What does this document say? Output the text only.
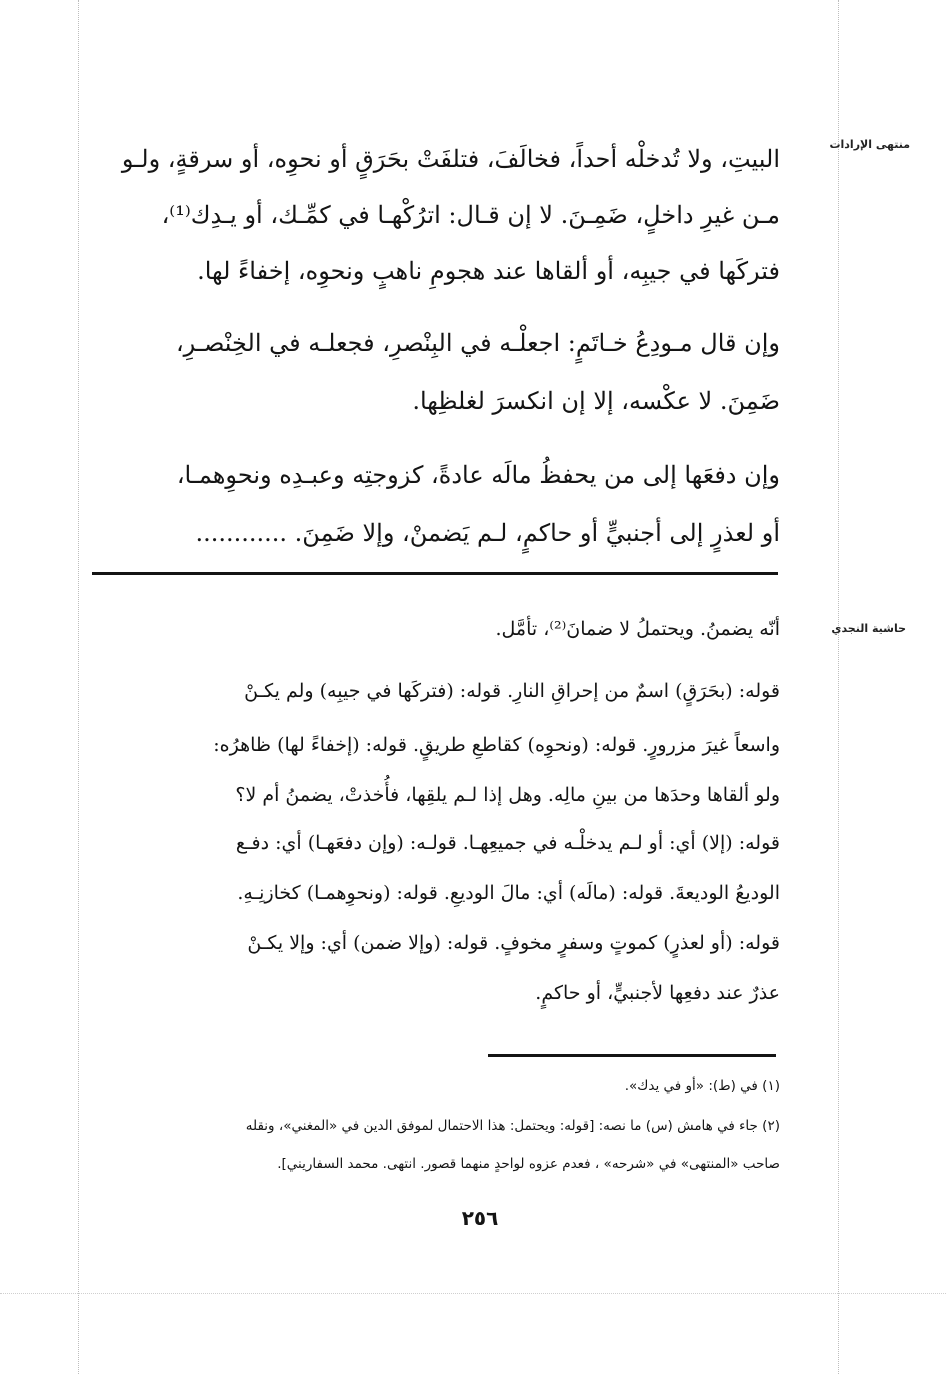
منتهى الإرادات
حاشية النجدي
البيتِ، ولا تُدخلْه أحداً، فخالَفَ، فتلفَتْ بحَرَقٍ أو نحوِه، أو سرقةٍ، ولـو
مـن غيرِ داخلٍ، ضَمِـنَ. لا إن قـال: اترُكْهـا في كمِّـك، أو يـدِك⁽¹⁾،
فتركَها في جيبِه، أو ألقاها عند هجومِ ناهبٍ ونحوِه، إخفاءً لها.
وإن قال مـودِعُ خـاتَمٍ: اجعلْـه في البِنْصرِ، فجعلـه في الخِنْصـرِ،
ضَمِنَ. لا عكْسه، إلا إن انكسرَ لغلظِها.
وإن دفعَها إلى من يحفظُ مالَه عادةً، كزوجتِه وعبـدِه ونحوِهمـا،
أو لعذرٍ إلى أجنبيٍّ أو حاكمٍ، لـم يَضمنْ، وإلا ضَمِنَ. ............
أنّه يضمنُ. ويحتملُ لا ضمانَ⁽²⁾، تأمَّل.
قوله: (بحَرَقٍ) اسمٌ من إحراقِ النارِ. قوله: (فتركَها في جيبِه) ولم يكـنْ
واسعاً غيرَ مزرورٍ. قوله: (ونحوِه) كقاطعِ طريقٍ. قوله: (إخفاءً لها) ظاهرُه:
ولو ألقاها وحدَها من بينِ مالِه. وهل إذا لـم يلقِها، فأُخذتْ، يضمنُ أم لا؟
قوله: (إلا) أي: أو لـم يدخلْـه في جميعِهـا. قولـه: (وإن دفعَهـا) أي: دفـع
الوديعُ الوديعةَ. قوله: (مالَه) أي: مالَ الوديعِ. قوله: (ونحوِهمـا) كخازنِـهِ.
قوله: (أو لعذرٍ) كموتٍ وسفرٍ مخوفٍ. قوله: (وإلا ضمن) أي: وإلا يكـنْ
عذرٌ عند دفعِها لأجنبيٍّ، أو حاكمٍ.
(١) في (ط): «أو في يدك».
(٢) جاء في هامش (س) ما نصه: [قوله: ويحتمل: هذا الاحتمال لموفق الدين في «المغني»، ونقله
صاحب «المنتهى» في «شرحه» ، فعدم عزوه لواحدٍ منهما قصور. انتهى. محمد السفاريني].
٢٥٦
